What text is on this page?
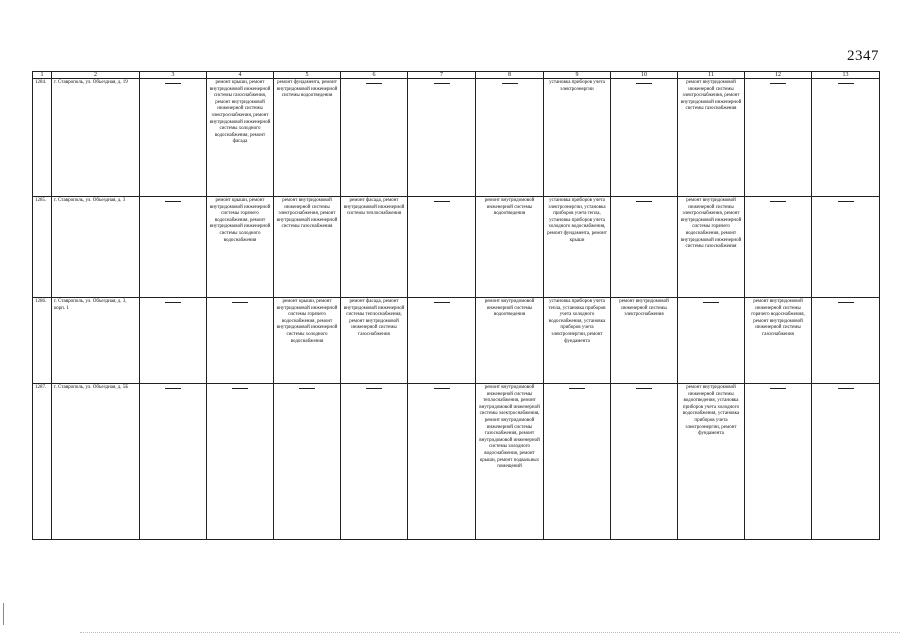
2347
1	2	3	4	5	6	7	8	9	10	11	12	13
1284.	г. Ставрополь, ул. Объездная, д. 19		ремонт крыши, ремонт внутридомовой инженерной системы газоснабжения, ремонт внутридомовой инженерной системы электроснабжения, ремонт внутридомовой инженерной системы холодного водоснабжения, ремонт фасада	ремонт фундамента, ремонт внутридомовой инженерной системы водоотведения				установка приборов учета электроэнергии		ремонт внутридомовой инженерной системы электроснабжения, ремонт внутридомовой инженерной системы газоснабжения	

1285.	г. Ставрополь, ул. Объездная, д. 3		ремонт крыши, ремонт внутридомовой инженерной системы горячего водоснабжения, ремонт внутридомовой инженерной системы холодного водоснабжения	ремонт внутридомовой инженерной системы электроснабжения, ремонт внутридомовой инженерной системы газоснабжения	ремонт фасада, ремонт внутридомовой инженерной системы теплоснабжения		ремонт внутридомовой инженерной системы водоотведения	установка приборов учета электроэнергии, установка приборов учета тепла, установка приборов учета холодного водоснабжения, ремонт фундамента, ремонт крыши		ремонт внутридомовой инженерной системы электроснабжения, ремонт внутридомовой инженерной системы горячего водоснабжения, ремонт внутридомовой инженерной системы газоснабжения	

1286.	г. Ставрополь, ул. Объездная, д. 3, корп. 1			ремонт крыши, ремонт внутридомовой инженерной системы горячего водоснабжения, ремонт внутридомовой инженерной системы холодного водоснабжения	ремонт фасада, ремонт внутридомовой инженерной системы теплоснабжения, ремонт внутридомовой инженерной системы газоснабжения		ремонт внутридомовой инженерной системы водоотведения	установка приборов учета тепла, установка приборов учета холодного водоснабжения, установка приборов учета электроэнергии, ремонт фундамента	ремонт внутридомовой инженерной системы электроснабжения		ремонт внутридомовой инженерной системы горячего водоснабжения, ремонт внутридомовой инженерной системы газоснабжения	

1287.	г. Ставрополь, ул. Объездная, д. 5Б						ремонт внутридомовой инженерной системы теплоснабжения, ремонт внутридомовой инженерной системы электроснабжения, ремонт внутридомовой инженерной системы газоснабжения, ремонт внутридомовой инженерной системы холодного водоснабжения, ремонт крыши, ремонт подвальных помещений			ремонт внутридомовой инженерной системы водоотведения, установка приборов учета холодного водоснабжения, установка приборов учета электроэнергии, ремонт фундамента	
